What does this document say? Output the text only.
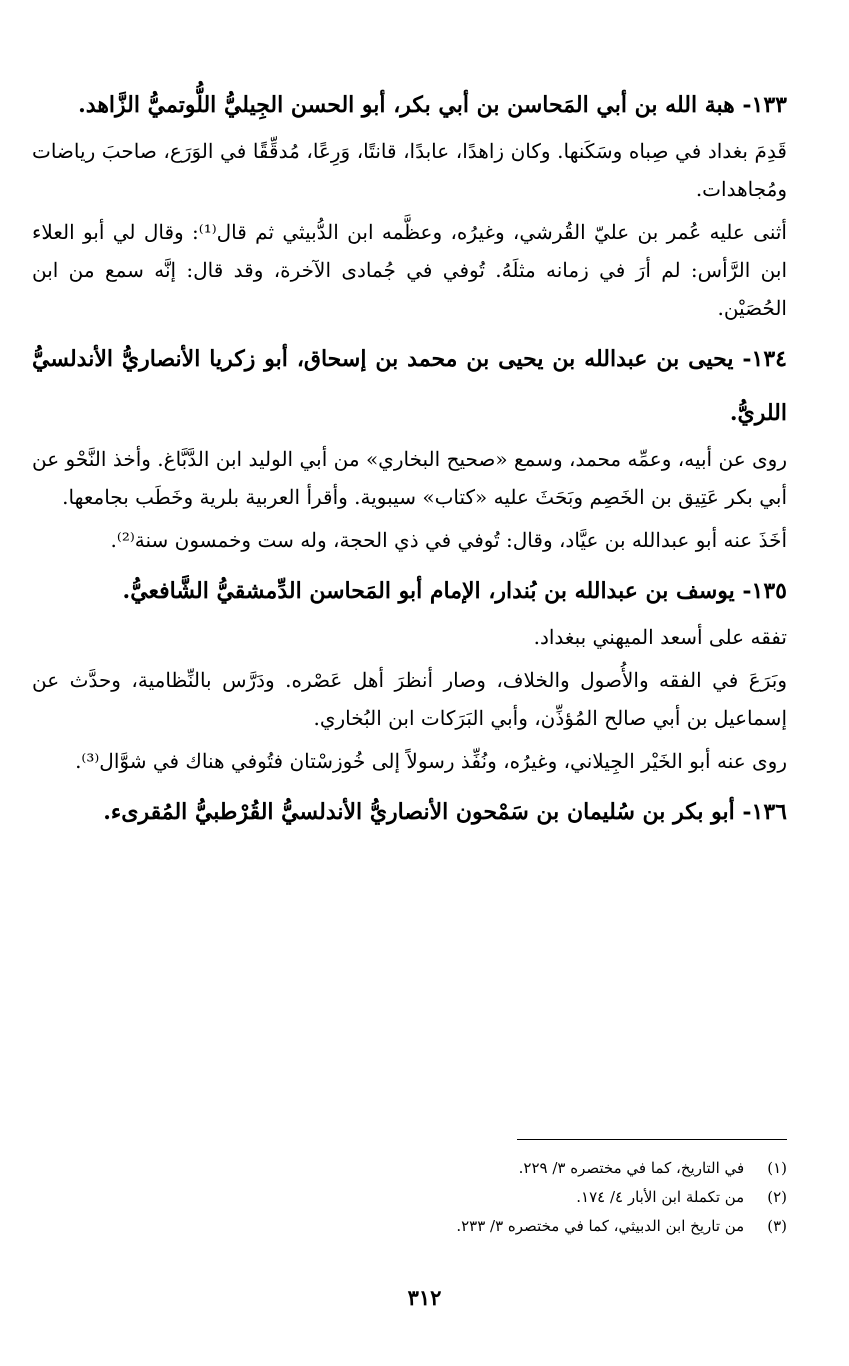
١٣٣- هبة الله بن أبي المَحاسن بن أبي بكر، أبو الحسن الجِيليُّ اللُّوتميُّ الزَّاهد.

قَدِمَ بغداد في صِباه وسَكَنها. وكان زاهدًا، عابدًا، قانتًا، وَرِعًا، مُدقِّقًا في الوَرَع، صاحبَ رياضات ومُجاهدات.

أثنى عليه عُمر بن عليّ القُرشي، وغيرُه، وعظَّمه ابن الدُّبيثي ثم قال⁽¹⁾: وقال لي أبو العلاء ابن الرَّأس: لم أرَ في زمانه مثلَهُ. تُوفي في جُمادى الآخرة، وقد قال: إنَّه سمع من ابن الحُصَيْن.

١٣٤- يحيى بن عبدالله بن يحيى بن محمد بن إسحاق، أبو زكريا الأنصاريُّ الأندلسيُّ اللريُّ.

روى عن أبيه، وعمِّه محمد، وسمع «صحيح البخاري» من أبي الوليد ابن الدَّبَّاغ. وأخذ النَّحْو عن أبي بكر عَتِيق بن الخَصِم وبَحَثَ عليه «كتاب» سيبوية. وأقرأ العربية بلرية وخَطَب بجامعها.

أخَذَ عنه أبو عبدالله بن عيَّاد، وقال: تُوفي في ذي الحجة، وله ست وخمسون سنة⁽²⁾.

١٣٥- يوسف بن عبدالله بن بُندار، الإمام أبو المَحاسن الدِّمشقيُّ الشَّافعيُّ.

تفقه على أسعد الميهني ببغداد.

وبَرَعَ في الفقه والأُصول والخلاف، وصار أنظرَ أهل عَصْره. ودَرَّس بالنِّظامية، وحدَّث عن إسماعيل بن أبي صالح المُؤذِّن، وأبي البَرَكات ابن البُخاري.

روى عنه أبو الخَيْر الجِيلاني، وغيرُه، ونُفِّذ رسولاً إلى خُوزسْتان فتُوفي هناك في شوَّال⁽³⁾.

١٣٦- أبو بكر بن سُليمان بن سَمْحون الأنصاريُّ الأندلسيُّ القُرْطبيُّ المُقرىء.

(١) في التاريخ، كما في مختصره ٣/ ٢٢٩.

(٢) من تكملة ابن الأبار ٤/ ١٧٤.

(٣) من تاريخ ابن الدبيثي، كما في مختصره ٣/ ٢٣٣.

٣١٢
